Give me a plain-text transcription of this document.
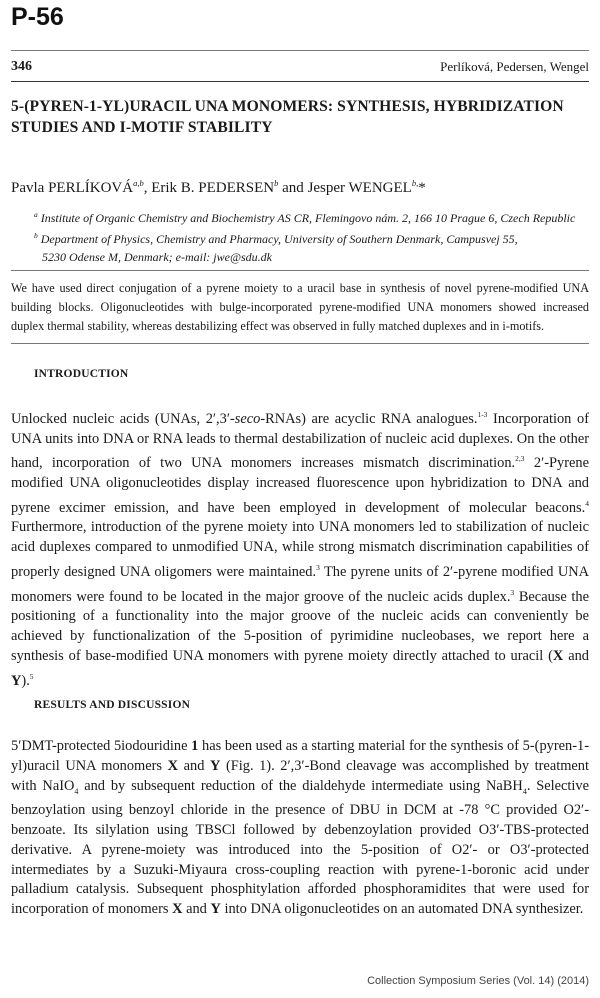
P-56
346	Perlíková, Pedersen, Wengel
5-(PYREN-1-YL)URACIL UNA MONOMERS: SYNTHESIS, HYBRIDIZATION STUDIES AND I-MOTIF STABILITY
Pavla PERLÍKOVÁ$^{a,b}$, Erik B. PEDERSEN$^b$ and Jesper $WENGEL^{b,}*$
$^a$ Institute of Organic Chemistry and Biochemistry AS CR, Flemingovo nám. 2, 166 10 Prague 6, Czech Republic
$^b$ Department of Physics, Chemistry and Pharmacy, University of Southern Denmark, Campusvej 55,
5230 Odense M, Denmark; e-mail: jwe@sdu.dk
We have used direct conjugation of a pyrene moiety to a uracil base in synthesis of novel pyrene-modified UNA building blocks. Oligonucleotides with bulge-incorporated pyrene-modified UNA monomers showed increased duplex thermal stability, whereas destabilizing effect was observed in fully matched duplexes and in i-motifs.
INTRODUCTION
Unlocked nucleic acids (UNAs, 2′,3′-seco-RNAs) are acyclic RNA analogues.$^{1-3}$ Incorporation of UNA units into DNA or RNA leads to thermal destabilization of nucleic acid duplexes. On the other hand, incorporation of two UNA monomers increases mismatch discrimination.$^{2,3}$ 2′-Pyrene modified UNA oligonucleotides display increased fluorescence upon hybridization to DNA and pyrene excimer emission, and have been employed in development of molecular beacons.$^4$ Furthermore, introduction of the pyrene moiety into UNA monomers led to stabilization of nucleic acid duplexes compared to unmodified UNA, while strong mismatch discrimination capabilities of properly designed UNA oligomers were maintained.$^3$ The pyrene units of 2′-pyrene modified UNA monomers were found to be located in the major groove of the nucleic acids duplex.$^3$ Because the positioning of a functionality into the major groove of the nucleic acids can conveniently be achieved by functionalization of the 5-position of pyrimidine nucleobases, we report here a synthesis of base-modified UNA monomers with pyrene moiety directly attached to uracil (X and Y).$^5$
RESULTS AND DISCUSSION
5′DMT-protected 5iodouridine 1 has been used as a starting material for the synthesis of 5-(pyren-1-yl)uracil UNA monomers X and Y (Fig. 1). 2′,3′-Bond cleavage was accomplished by treatment with NaIO$_4$ and by subsequent reduction of the dialdehyde intermediate using NaBH$_4$. Selective benzoylation using benzoyl chloride in the presence of DBU in DCM at -78 °C provided O2′-benzoate. Its silylation using TBSCl followed by debenzoylation provided O3′-TBS-protected derivative. A pyrene-moiety was introduced into the 5-position of O2′- or O3′-protected intermediates by a Suzuki-Miyaura cross-coupling reaction with pyrene-1-boronic acid under palladium catalysis. Subsequent phosphitylation afforded phosphoramidites that were used for incorporation of monomers X and Y into DNA oligonucleotides on an automated DNA synthesizer.
Collection Symposium Series (Vol. 14) (2014)
